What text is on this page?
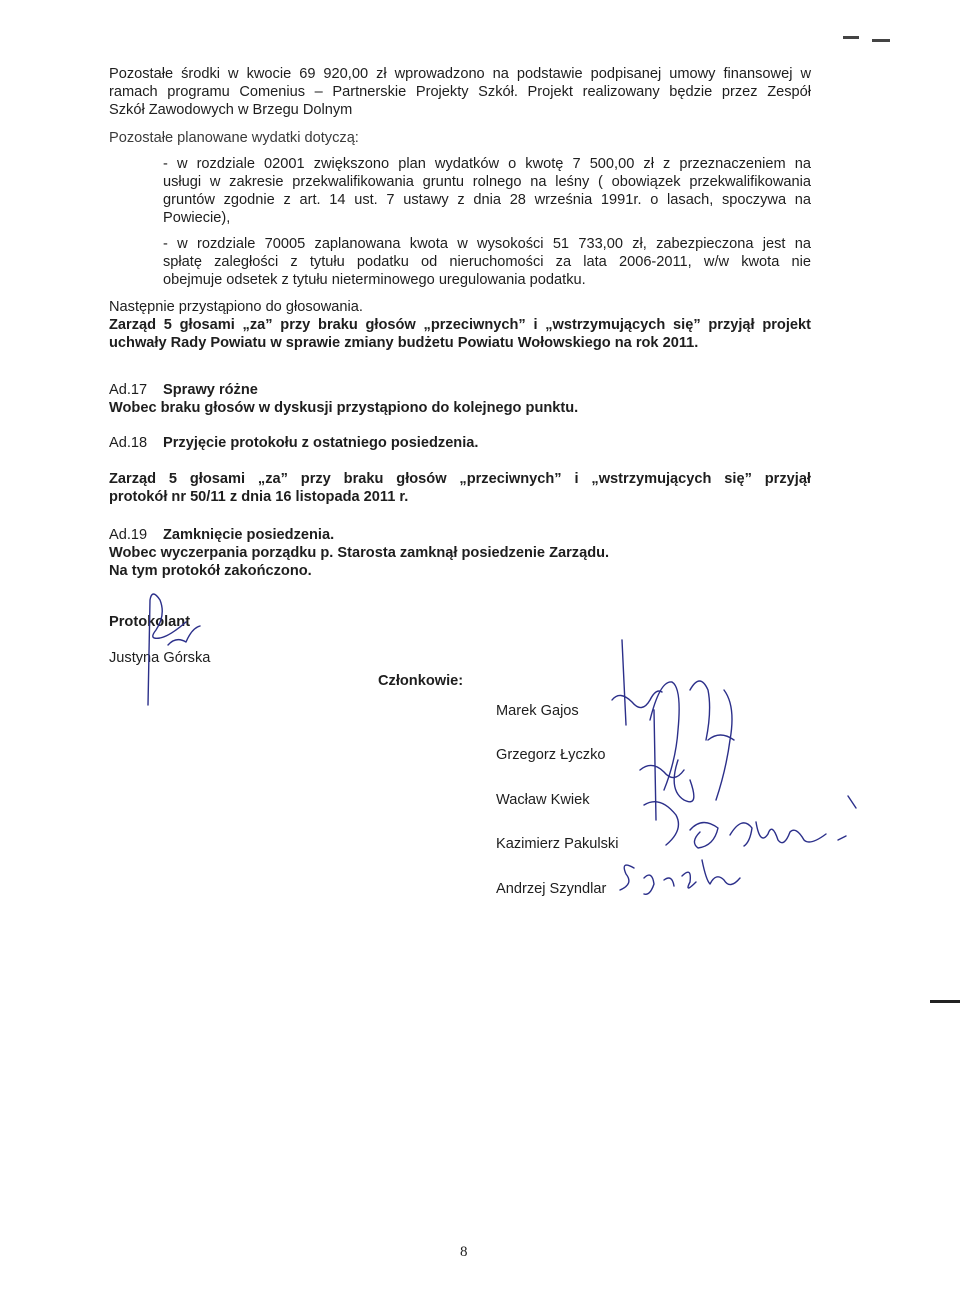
Pozostałe środki w kwocie 69 920,00 zł wprowadzono na podstawie podpisanej umowy finansowej w

ramach programu Comenius – Partnerskie Projekty Szkół. Projekt realizowany będzie przez Zespół

Szkół Zawodowych w Brzegu Dolnym

Pozostałe planowane wydatki dotyczą:

- w rozdziale 02001 zwiększono plan wydatków o kwotę 7 500,00 zł z przeznaczeniem na

usługi w zakresie przekwalifikowania gruntu rolnego na leśny ( obowiązek przekwalifikowania

gruntów zgodnie z art. 14 ust. 7 ustawy z dnia 28 września 1991r. o lasach, spoczywa na

Powiecie),

- w rozdziale 70005 zaplanowana kwota w wysokości 51 733,00 zł, zabezpieczona jest na

spłatę zaległości z tytułu podatku od nieruchomości za lata 2006-2011, w/w kwota nie

obejmuje odsetek z tytułu nieterminowego uregulowania podatku.

Następnie przystąpiono do głosowania.

Zarząd 5 głosami „za” przy braku głosów „przeciwnych” i „wstrzymujących się” przyjął projekt

uchwały Rady Powiatu w sprawie zmiany budżetu Powiatu Wołowskiego na rok 2011.

Ad.17 Sprawy różne

Wobec braku głosów w dyskusji przystąpiono do kolejnego punktu.

Ad.18 Przyjęcie protokołu z ostatniego posiedzenia.

Zarząd 5 głosami „za” przy braku głosów „przeciwnych” i „wstrzymujących się” przyjął

protokół nr 50/11 z dnia 16 listopada 2011 r.

Ad.19 Zamknięcie posiedzenia.

Wobec wyczerpania porządku p. Starosta zamknął posiedzenie Zarządu.

Na tym protokół zakończono.

Protokolant

Justyna Górska

Członkowie:

Marek Gajos

Grzegorz Łyczko

Wacław Kwiek

Kazimierz Pakulski

Andrzej Szyndlar

8
